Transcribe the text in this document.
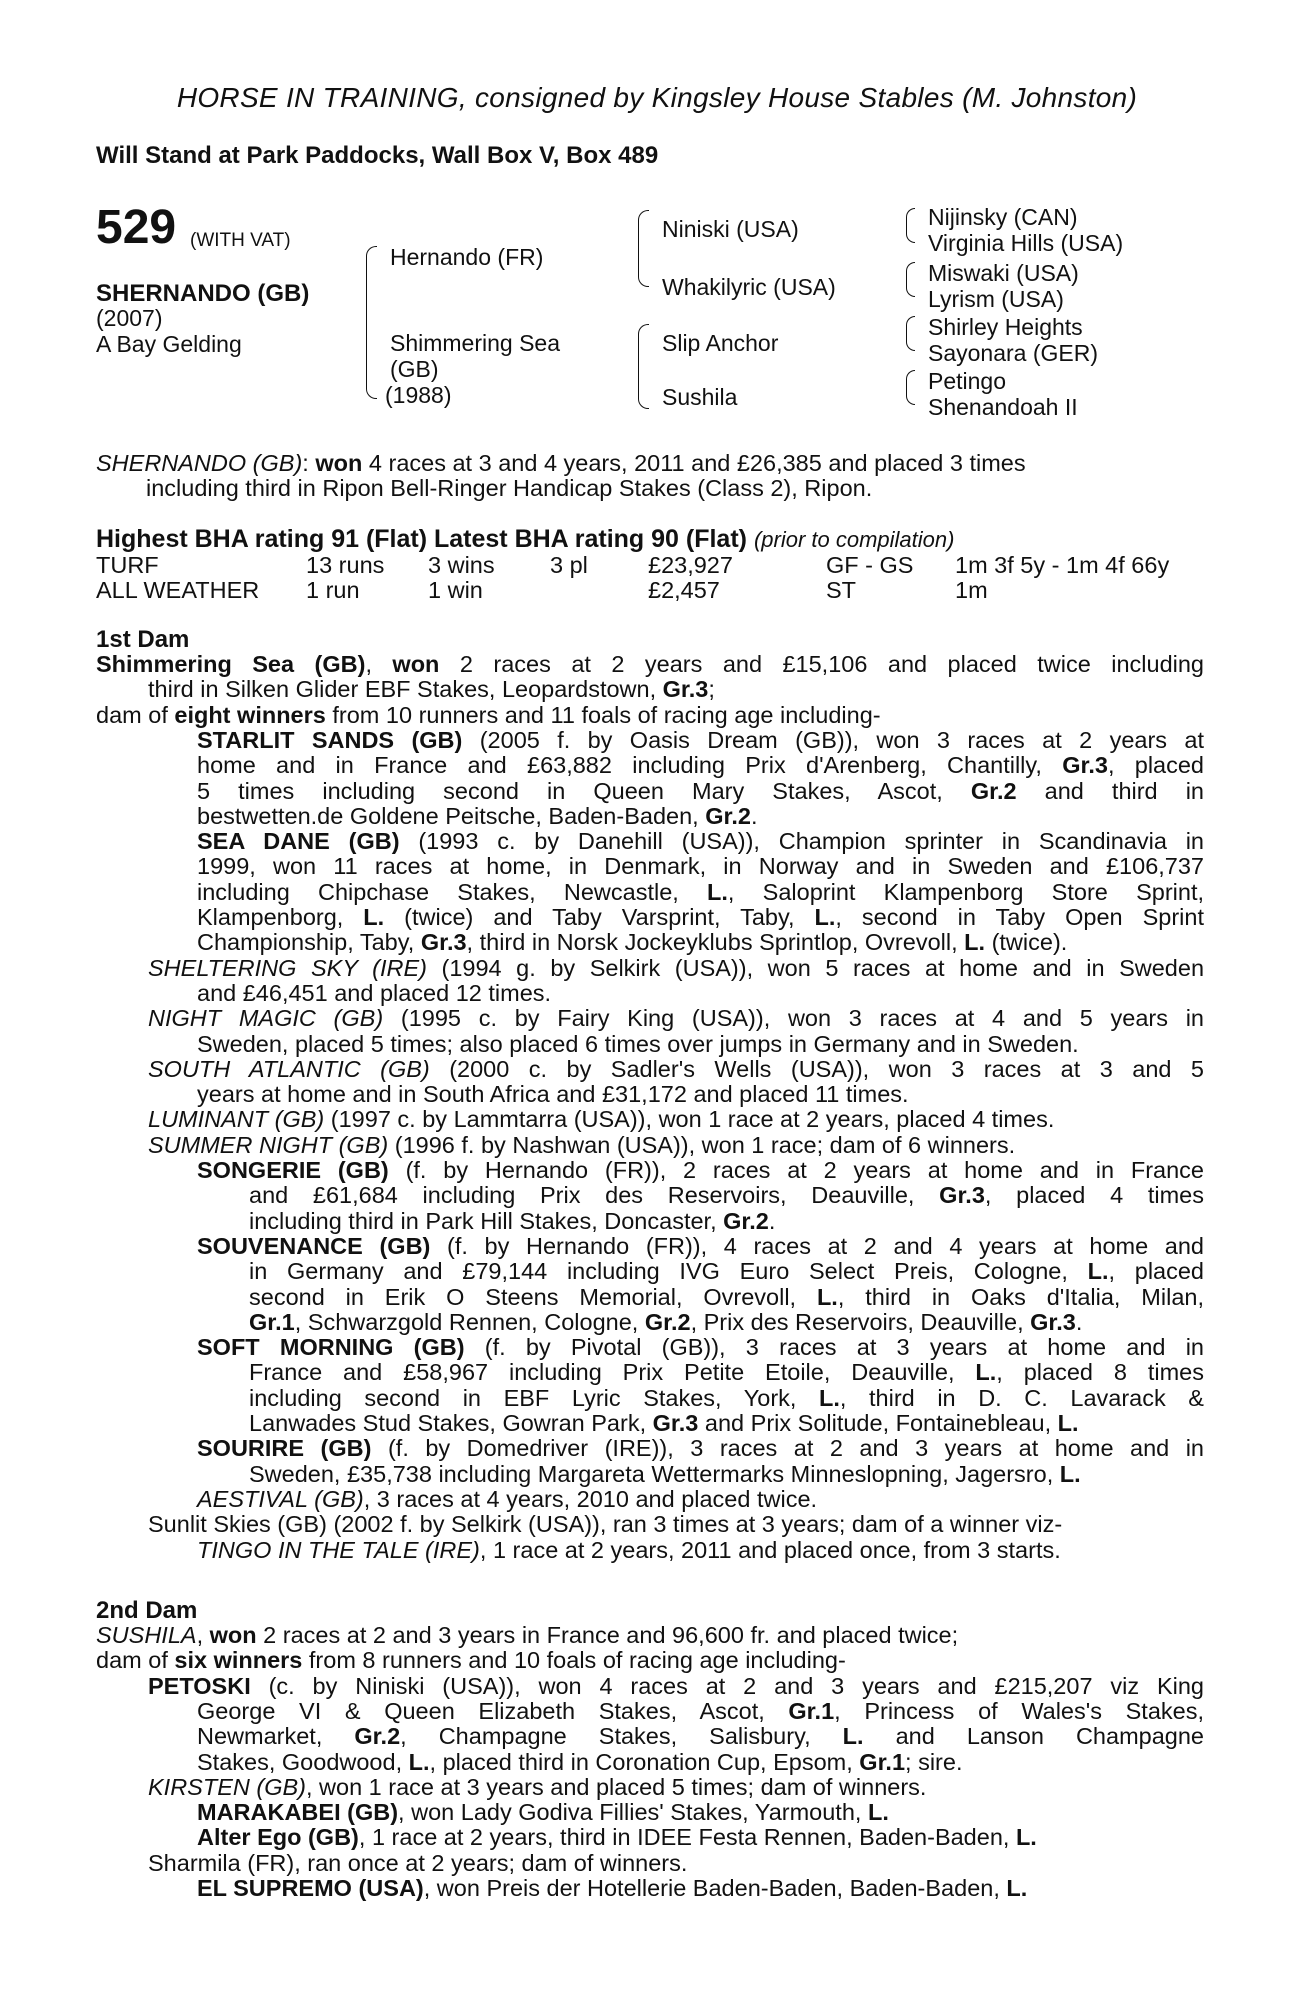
HORSE IN TRAINING, consigned by Kingsley House Stables (M. Johnston)
Will Stand at Park Paddocks, Wall Box V, Box 489
529 (WITH VAT)
SHERNANDO (GB)
(2007)
A Bay Gelding
Hernando (FR)
Shimmering Sea
(GB)
(1988)
Niniski (USA)
Whakilyric (USA)
Slip Anchor
Sushila
Nijinsky (CAN)
Virginia Hills (USA)
Miswaki (USA)
Lyrism (USA)
Shirley Heights
Sayonara (GER)
Petingo
Shenandoah II
SHERNANDO (GB): won 4 races at 3 and 4 years, 2011 and £26,385 and placed 3 times
including third in Ripon Bell-Ringer Handicap Stakes (Class 2), Ripon.
Highest BHA rating 91 (Flat) Latest BHA rating 90 (Flat) (prior to compilation)
TURF	13 runs 3 wins 3 pl	£23,927	GF - GS 1m 3f 5y - 1m 4f 66y
ALL WEATHER 1 run	1 win	£2,457	ST	1m
1st Dam
Shimmering Sea (GB), won 2 races at 2 years and £15,106 and placed twice including
third in Silken Glider EBF Stakes, Leopardstown, Gr.3;
dam of eight winners from 10 runners and 11 foals of racing age including-
STARLIT SANDS (GB) (2005 f. by Oasis Dream (GB)), won 3 races at 2 years at
home and in France and £63,882 including Prix d'Arenberg, Chantilly, Gr.3, placed
5 times including second in Queen Mary Stakes, Ascot, Gr.2 and third in
bestwetten.de Goldene Peitsche, Baden-Baden, Gr.2.
SEA DANE (GB) (1993 c. by Danehill (USA)), Champion sprinter in Scandinavia in
1999, won 11 races at home, in Denmark, in Norway and in Sweden and £106,737
including Chipchase Stakes, Newcastle, L., Saloprint Klampenborg Store Sprint,
Klampenborg, L. (twice) and Taby Varsprint, Taby, L., second in Taby Open Sprint
Championship, Taby, Gr.3, third in Norsk Jockeyklubs Sprintlop, Ovrevoll, L. (twice).
SHELTERING SKY (IRE) (1994 g. by Selkirk (USA)), won 5 races at home and in Sweden
and £46,451 and placed 12 times.
NIGHT MAGIC (GB) (1995 c. by Fairy King (USA)), won 3 races at 4 and 5 years in
Sweden, placed 5 times; also placed 6 times over jumps in Germany and in Sweden.
SOUTH ATLANTIC (GB) (2000 c. by Sadler's Wells (USA)), won 3 races at 3 and 5
years at home and in South Africa and £31,172 and placed 11 times.
LUMINANT (GB) (1997 c. by Lammtarra (USA)), won 1 race at 2 years, placed 4 times.
SUMMER NIGHT (GB) (1996 f. by Nashwan (USA)), won 1 race; dam of 6 winners.
SONGERIE (GB) (f. by Hernando (FR)), 2 races at 2 years at home and in France
and £61,684 including Prix des Reservoirs, Deauville, Gr.3, placed 4 times
including third in Park Hill Stakes, Doncaster, Gr.2.
SOUVENANCE (GB) (f. by Hernando (FR)), 4 races at 2 and 4 years at home and
in Germany and £79,144 including IVG Euro Select Preis, Cologne, L., placed
second in Erik O Steens Memorial, Ovrevoll, L., third in Oaks d'Italia, Milan,
Gr.1, Schwarzgold Rennen, Cologne, Gr.2, Prix des Reservoirs, Deauville, Gr.3.
SOFT MORNING (GB) (f. by Pivotal (GB)), 3 races at 3 years at home and in
France and £58,967 including Prix Petite Etoile, Deauville, L., placed 8 times
including second in EBF Lyric Stakes, York, L., third in D. C. Lavarack &
Lanwades Stud Stakes, Gowran Park, Gr.3 and Prix Solitude, Fontainebleau, L.
SOURIRE (GB) (f. by Domedriver (IRE)), 3 races at 2 and 3 years at home and in
Sweden, £35,738 including Margareta Wettermarks Minneslopning, Jagersro, L.
AESTIVAL (GB), 3 races at 4 years, 2010 and placed twice.
Sunlit Skies (GB) (2002 f. by Selkirk (USA)), ran 3 times at 3 years; dam of a winner viz-
TINGO IN THE TALE (IRE), 1 race at 2 years, 2011 and placed once, from 3 starts.
2nd Dam
SUSHILA, won 2 races at 2 and 3 years in France and 96,600 fr. and placed twice;
dam of six winners from 8 runners and 10 foals of racing age including-
PETOSKI (c. by Niniski (USA)), won 4 races at 2 and 3 years and £215,207 viz King
George VI & Queen Elizabeth Stakes, Ascot, Gr.1, Princess of Wales's Stakes,
Newmarket, Gr.2, Champagne Stakes, Salisbury, L. and Lanson Champagne
Stakes, Goodwood, L., placed third in Coronation Cup, Epsom, Gr.1; sire.
KIRSTEN (GB), won 1 race at 3 years and placed 5 times; dam of winners.
MARAKABEI (GB), won Lady Godiva Fillies' Stakes, Yarmouth, L.
Alter Ego (GB), 1 race at 2 years, third in IDEE Festa Rennen, Baden-Baden, L.
Sharmila (FR), ran once at 2 years; dam of winners.
EL SUPREMO (USA), won Preis der Hotellerie Baden-Baden, Baden-Baden, L.
